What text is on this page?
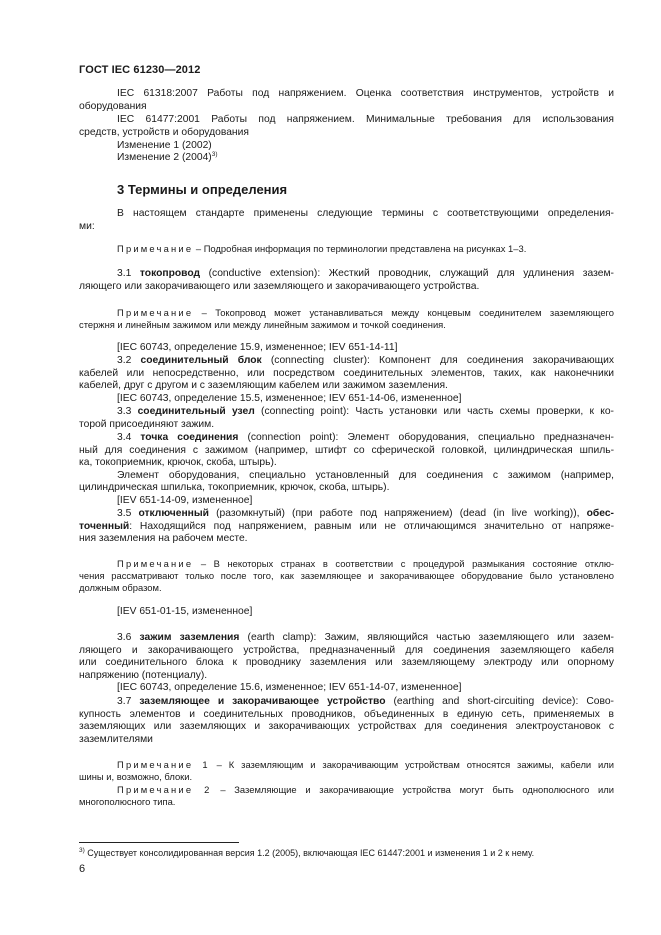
ГОСТ IEC 61230—2012
IEC 61318:2007 Работы под напряжением. Оценка соответствия инструментов, устройств и
оборудования
IEC 61477:2001 Работы под напряжением. Минимальные требования для использования
средств, устройств и оборудования
Изменение 1 (2002)
Изменение 2 $(2004)^{3)}$
3 Термины и определения
В настоящем стандарте применены следующие термины с соответствующими определения-
ми:
Примечание – Подробная информация по терминологии представлена на рисунках 1–3.
3.1 токопровод (conductive extension): Жесткий проводник, служащий для удлинения зазем-
ляющего или закорачивающего или заземляющего и закорачивающего устройства.
Примечание – Токопровод может устанавливаться между концевым соединителем заземляющего
стержня и линейным зажимом или между линейным зажимом и точкой соединения.
[IEC 60743, определение 15.9, измененное; IEV 651-14-11]
3.2 соединительный блок (connecting cluster): Компонент для соединения закорачивающих
кабелей или непосредственно, или посредством соединительных элементов, таких, как наконечники
кабелей, друг с другом и с заземляющим кабелем или зажимом заземления.
[IEC 60743, определение 15.5, измененное; IEV 651-14-06, измененное]
3.3 соединительный узел (connecting point): Часть установки или часть схемы проверки, к ко-
торой присоединяют зажим.
3.4 точка соединения (connection point): Элемент оборудования, специально предназначен-
ный для соединения с зажимом (например, штифт со сферической головкой, цилиндрическая шпиль-
ка, токоприемник, крючок, скоба, штырь).
Элемент оборудования, специально установленный для соединения с зажимом (например,
цилиндрическая шпилька, токоприемник, крючок, скоба, штырь).
[IEV 651-14-09, измененное]
3.5 отключенный (разомкнутый) (при работе под напряжением) (dead (in live working)), обес-
точенный: Находящийся под напряжением, равным или не отличающимся значительно от напряже-
ния заземления на рабочем месте.
Примечание – В некоторых странах в соответствии с процедурой размыкания состояние отклю-
чения рассматривают только после того, как заземляющее и закорачивающее оборудование было установлено
должным образом.
[IEV 651-01-15, измененное]
3.6 зажим заземления (earth clamp): Зажим, являющийся частью заземляющего или зазем-
ляющего и закорачивающего устройства, предназначенный для соединения заземляющего кабеля
или соединительного блока к проводнику заземления или заземляющему электроду или опорному
напряжению (потенциалу).
[IEC 60743, определение 15.6, измененное; IEV 651-14-07, измененное]
3.7 заземляющее и закорачивающее устройство (earthing and short-circuiting device): Сово-
купность элементов и соединительных проводников, объединенных в единую сеть, применяемых в
заземляющих или заземляющих и закорачивающих устройствах для соединения электроустановок с
заземлителями
Примечание 1 – К заземляющим и закорачивающим устройствам относятся зажимы, кабели или
шины и, возможно, блоки.
Примечание 2 – Заземляющие и закорачивающие устройства могут быть однополюсного или
многополюсного типа.
$^{3)}$ Существует консолидированная версия 1.2 (2005), включающая IEC 61447:2001 и изменения 1 и 2 к нему.
6
